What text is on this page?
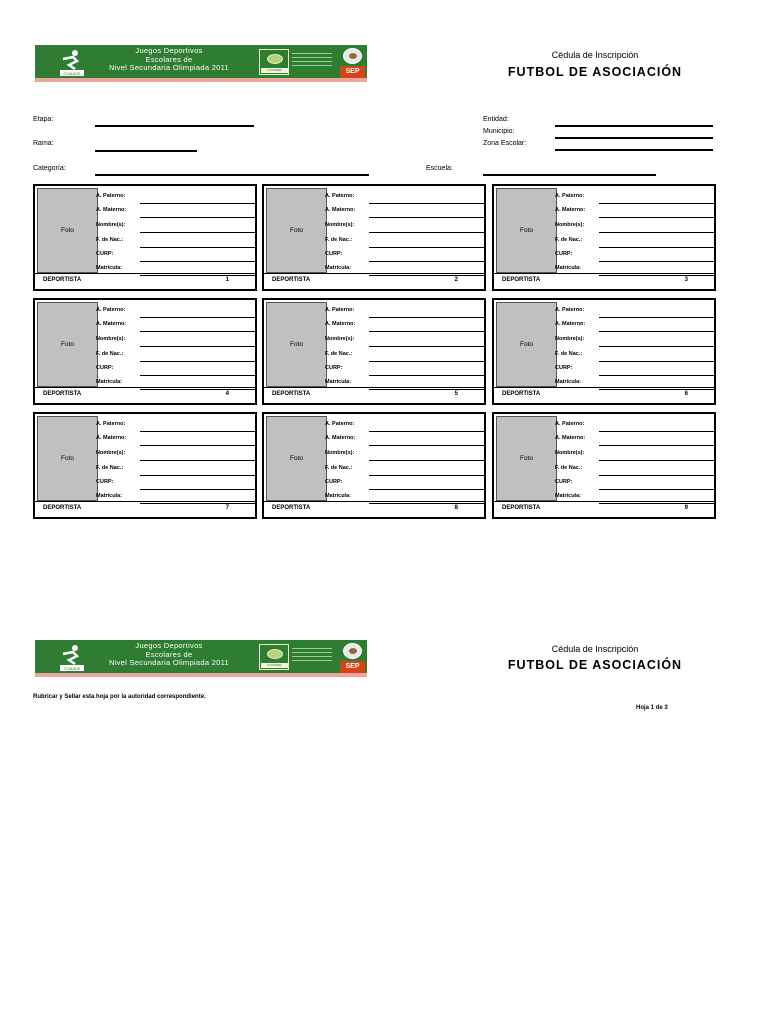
CONADE
Juegos Deportivos
Escolares de
Nivel Secundaria Olimpiada 2011	CONDEBA	SEP
Cédula de Inscripción
FUTBOL DE ASOCIACIÓN
Etapa:
Rama:
Categoría:	Escuela:
Entidad:
Municipio:
Zona Escolar:
Foto
A. Paterno:
A. Materno:
Nombre(s):
F. de Nac.:
CURP:
Matrícula:
DEPORTISTA	1
Foto
A. Paterno:
A. Materno:
Nombre(s):
F. de Nac.:
CURP:
Matrícula:
DEPORTISTA	2
Foto
A. Paterno:
A. Materno:
Nombre(s):
F. de Nac.:
CURP:
Matrícula:
DEPORTISTA	3
Foto
A. Paterno:
A. Materno:
Nombre(s):
F. de Nac.:
CURP:
Matrícula:
DEPORTISTA	4
Foto
A. Paterno:
A. Materno:
Nombre(s):
F. de Nac.:
CURP:
Matrícula:
DEPORTISTA	5
Foto
A. Paterno:
A. Materno:
Nombre(s):
F. de Nac.:
CURP:
Matrícula:
DEPORTISTA	6
Foto
A. Paterno:
A. Materno:
Nombre(s):
F. de Nac.:
CURP:
Matrícula:
DEPORTISTA	7
Foto
A. Paterno:
A. Materno:
Nombre(s):
F. de Nac.:
CURP:
Matrícula:
DEPORTISTA	8
Foto
A. Paterno:
A. Materno:
Nombre(s):
F. de Nac.:
CURP:
Matrícula:
DEPORTISTA	9
CONADE
Juegos Deportivos
Escolares de
Nivel Secundaria Olimpiada 2011	CONDEBA	SEP
Cédula de Inscripción
FUTBOL DE ASOCIACIÓN
Rubricar y Sellar esta hoja por la autoridad correspondiente.
Hoja 1 de 3
